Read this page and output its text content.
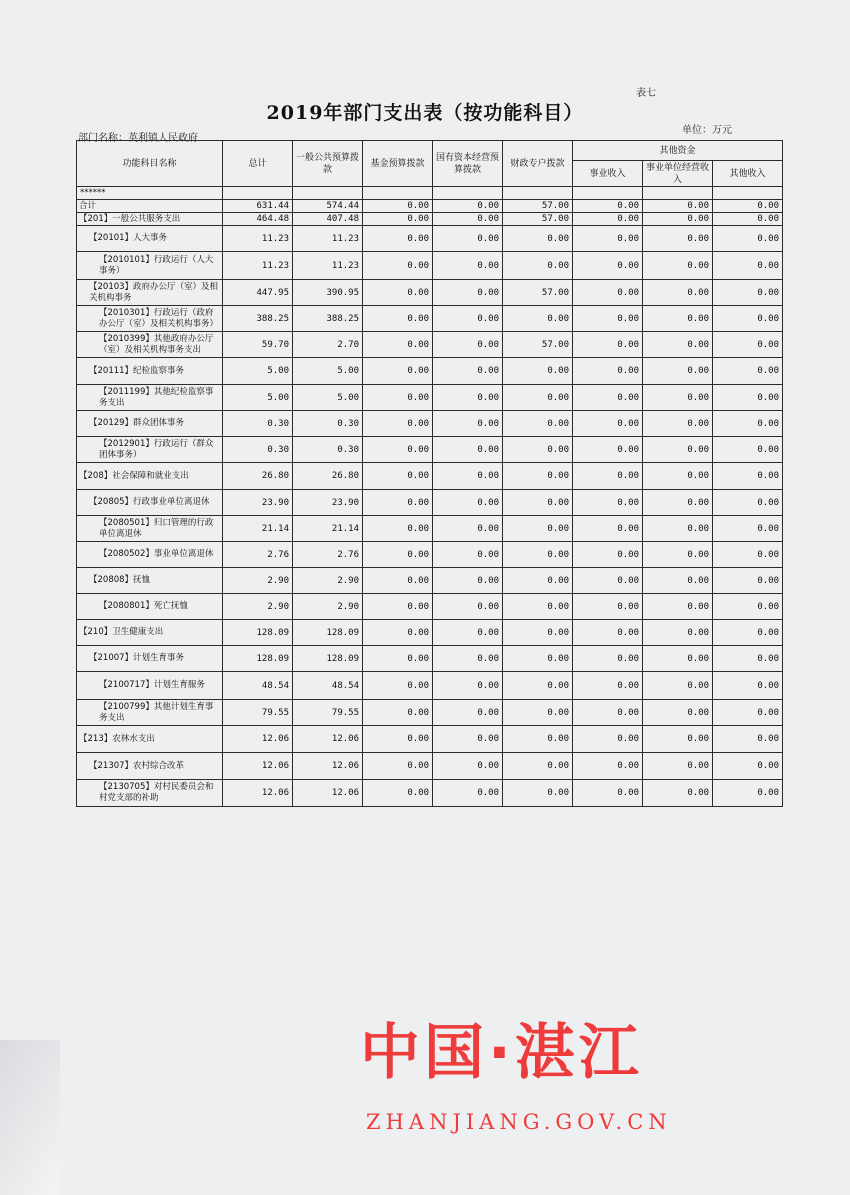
表七
2019年部门支出表（按功能科目）
单位：万元
部门名称：英利镇人民政府
功能科目名称	总计	一般公共预算拨款	基金预算拨款	国有资本经营预算拨款	财政专户拨款	其他资金		
						事业收入	事业单位经营收入	其他收入
******								
合计	631.44	574.44	0.00	0.00	57.00	0.00	0.00	0.00
【201】一般公共服务支出	464.48	407.48	0.00	0.00	57.00	0.00	0.00	0.00
【20101】人大事务	11.23	11.23	0.00	0.00	0.00	0.00	0.00	0.00
【2010101】行政运行（人大事务）	11.23	11.23	0.00	0.00	0.00	0.00	0.00	0.00
【20103】政府办公厅（室）及相关机构事务	447.95	390.95	0.00	0.00	57.00	0.00	0.00	0.00
【2010301】行政运行（政府办公厅（室）及相关机构事务）	388.25	388.25	0.00	0.00	0.00	0.00	0.00	0.00
【2010399】其他政府办公厅（室）及相关机构事务支出	59.70	2.70	0.00	0.00	57.00	0.00	0.00	0.00
【20111】纪检监察事务	5.00	5.00	0.00	0.00	0.00	0.00	0.00	0.00
【2011199】其他纪检监察事务支出	5.00	5.00	0.00	0.00	0.00	0.00	0.00	0.00
【20129】群众团体事务	0.30	0.30	0.00	0.00	0.00	0.00	0.00	0.00
【2012901】行政运行（群众团体事务）	0.30	0.30	0.00	0.00	0.00	0.00	0.00	0.00
【208】社会保障和就业支出	26.80	26.80	0.00	0.00	0.00	0.00	0.00	0.00
【20805】行政事业单位离退休	23.90	23.90	0.00	0.00	0.00	0.00	0.00	0.00
【2080501】归口管理的行政单位离退休	21.14	21.14	0.00	0.00	0.00	0.00	0.00	0.00
【2080502】事业单位离退休	2.76	2.76	0.00	0.00	0.00	0.00	0.00	0.00
【20808】抚恤	2.90	2.90	0.00	0.00	0.00	0.00	0.00	0.00
【2080801】死亡抚恤	2.90	2.90	0.00	0.00	0.00	0.00	0.00	0.00
【210】卫生健康支出	128.09	128.09	0.00	0.00	0.00	0.00	0.00	0.00
【21007】计划生育事务	128.09	128.09	0.00	0.00	0.00	0.00	0.00	0.00
【2100717】计划生育服务	48.54	48.54	0.00	0.00	0.00	0.00	0.00	0.00
【2100799】其他计划生育事务支出	79.55	79.55	0.00	0.00	0.00	0.00	0.00	0.00
【213】农林水支出	12.06	12.06	0.00	0.00	0.00	0.00	0.00	0.00
【21307】农村综合改革	12.06	12.06	0.00	0.00	0.00	0.00	0.00	0.00
【2130705】对村民委员会和村党支部的补助	12.06	12.06	0.00	0.00	0.00	0.00	0.00	0.00
中国·湛江
ZHANJIANG.GOV.CN
